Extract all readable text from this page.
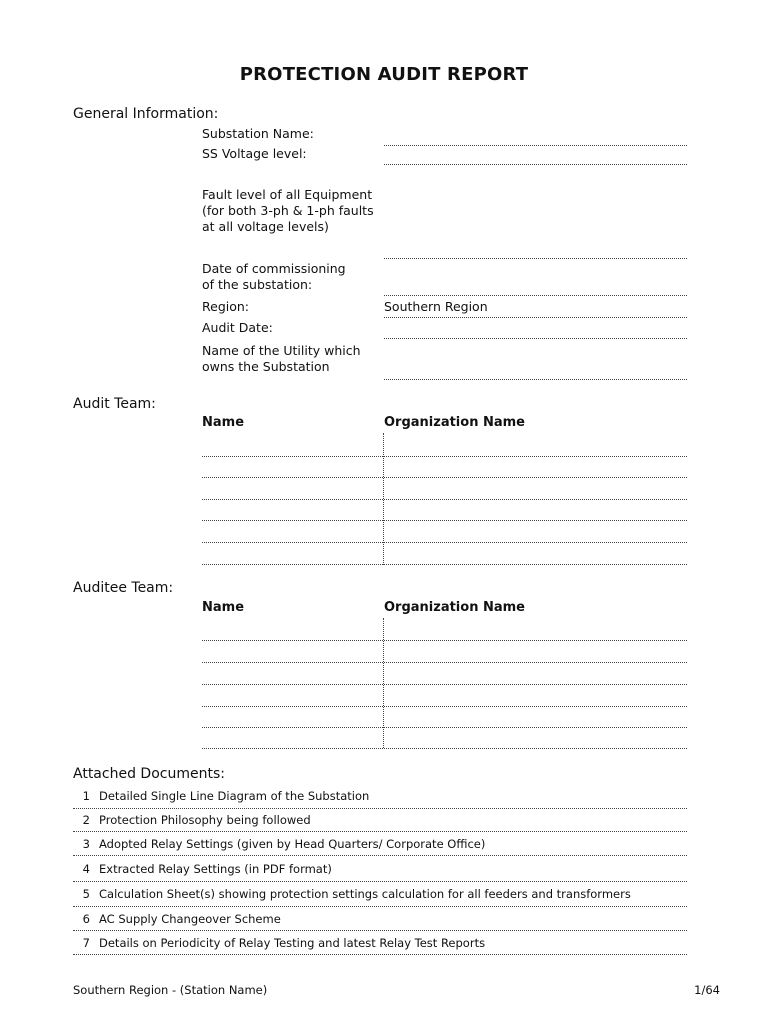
PROTECTION AUDIT REPORT
General Information:
Substation Name:
SS Voltage level:
Fault level of all Equipment
(for both 3-ph & 1-ph faults
at all voltage levels)
Date of commissioning
of the substation:
Region:	Southern Region
Audit Date:
Name of the Utility which
owns the Substation
Audit Team:
Name	Organization Name
Auditee Team:
Name	Organization Name
Attached Documents:
1 Detailed Single Line Diagram of the Substation
2 Protection Philosophy being followed
3 Adopted Relay Settings (given by Head Quarters/ Corporate Office)
4 Extracted Relay Settings (in PDF format)
5 Calculation Sheet(s) showing protection settings calculation for all feeders and transformers
6 AC Supply Changeover Scheme
7 Details on Periodicity of Relay Testing and latest Relay Test Reports
Southern Region - (Station Name)	1/64
